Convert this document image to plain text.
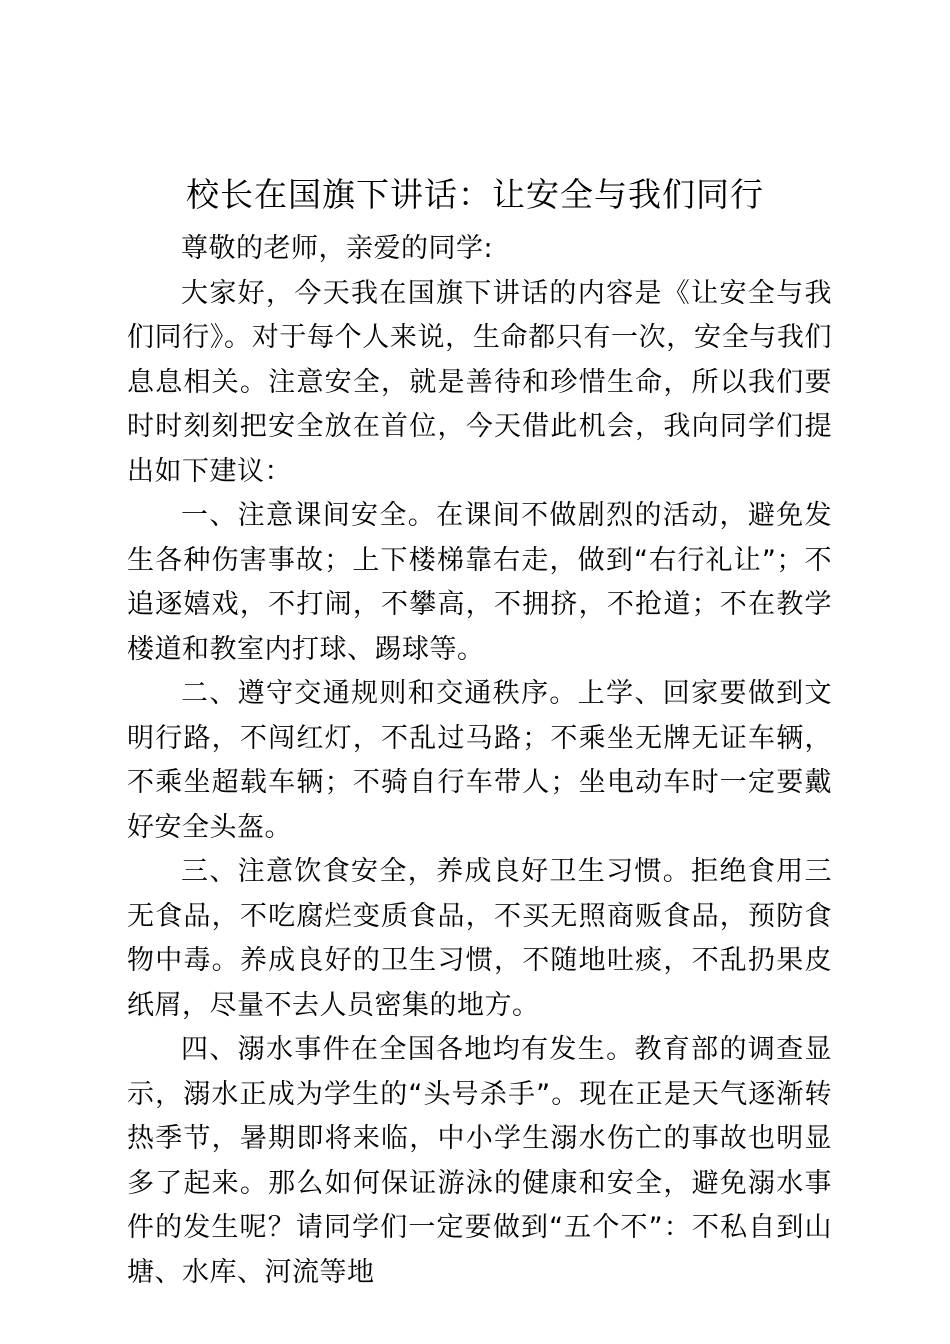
校长在国旗下讲话：让安全与我们同行

尊敬的老师，亲爱的同学:

大家好，今天我在国旗下讲话的内容是《让安全与我们同行》。对于每个人来说，生命都只有一次，安全与我们息息相关。注意安全，就是善待和珍惜生命，所以我们要时时刻刻把安全放在首位，今天借此机会，我向同学们提出如下建议：

一、注意课间安全。在课间不做剧烈的活动，避免发生各种伤害事故；上下楼梯靠右走，做到“右行礼让”；不追逐嬉戏，不打闹，不攀高，不拥挤，不抢道；不在教学楼道和教室内打球、踢球等。

二、遵守交通规则和交通秩序。上学、回家要做到文明行路，不闯红灯，不乱过马路；不乘坐无牌无证车辆，不乘坐超载车辆；不骑自行车带人；坐电动车时一定要戴好安全头盔。

三、注意饮食安全，养成良好卫生习惯。拒绝食用三无食品，不吃腐烂变质食品，不买无照商贩食品，预防食物中毒。养成良好的卫生习惯，不随地吐痰，不乱扔果皮纸屑，尽量不去人员密集的地方。

四、溺水事件在全国各地均有发生。教育部的调查显示，溺水正成为学生的“头号杀手”。现在正是天气逐渐转热季节，暑期即将来临，中小学生溺水伤亡的事故也明显多了起来。那么如何保证游泳的健康和安全，避免溺水事件的发生呢？请同学们一定要做到“五个不”：不私自到山塘、水库、河流等地
